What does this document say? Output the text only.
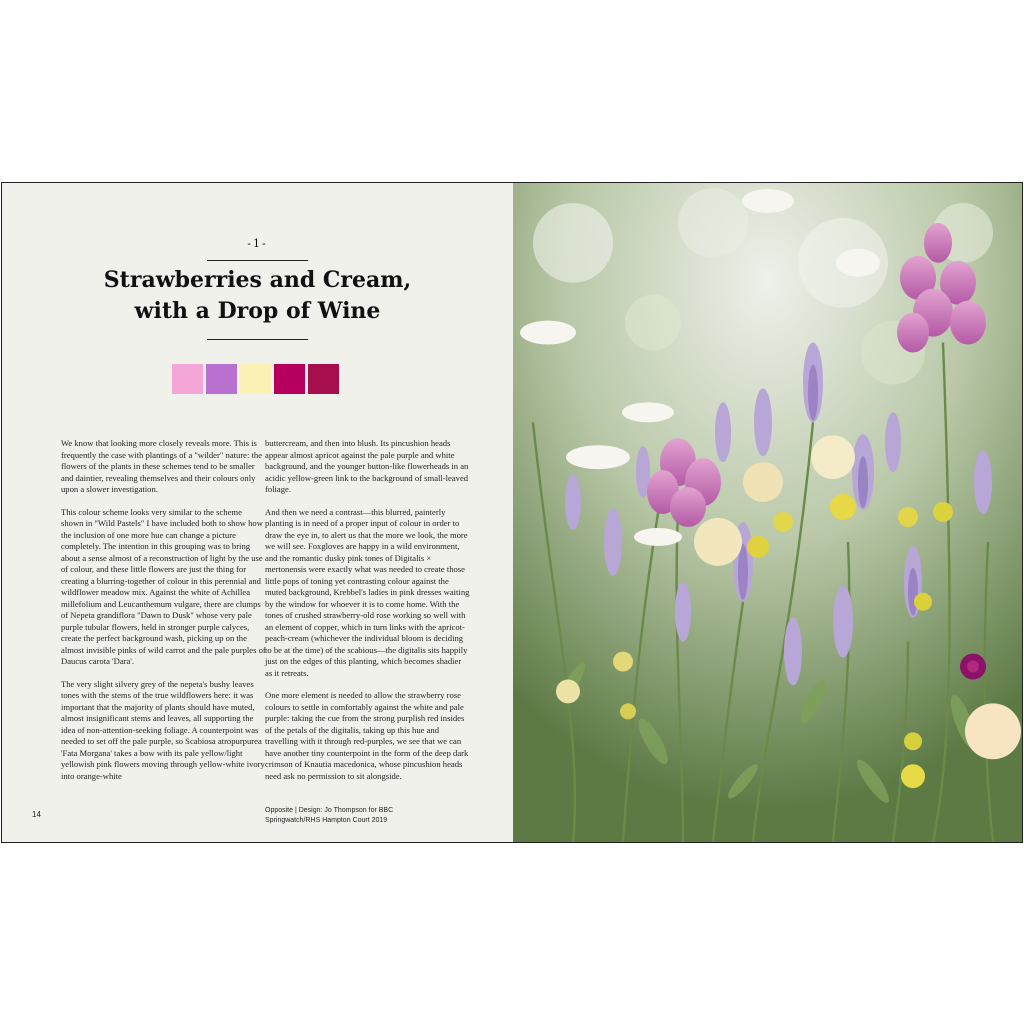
-1-
Strawberries and Cream,
with a Drop of Wine

We know that looking more closely reveals more. This is frequently the case with plantings of a "wilder" nature: the flowers of the plants in these schemes tend to be smaller and daintier, revealing themselves and their colours only upon a slower investigation.

This colour scheme looks very similar to the scheme shown in "Wild Pastels" I have included both to show how the inclusion of one more hue can change a picture completely. The intention in this grouping was to bring about a sense almost of a reconstruction of light by the use of colour, and these little flowers are just the thing for creating a blurring-together of colour in this perennial and wildflower meadow mix. Against the white of Achillea millefolium and Leucanthemum vulgare, there are clumps of Nepeta grandiflora "Dawn to Dusk" whose very pale purple tubular flowers, held in stronger purple calyces, create the perfect background wash, picking up on the almost invisible pinks of wild carrot and the pale purples of Daucus carota 'Dara'.

The very slight silvery grey of the nepeta's bushy leaves tones with the stems of the true wildflowers here: it was important that the majority of plants should have muted, almost insignificant stems and leaves, all supporting the idea of non-attention-seeking foliage. A counterpoint was needed to set off the pale purple, so Scabiosa atropurpurea 'Fata Morgana' takes a bow with its pale yellow/light yellowish pink flowers moving through yellow-white ivory into orange-white

buttercream, and then into blush. Its pincushion heads appear almost apricot against the pale purple and white background, and the younger button-like flowerheads in an acidic yellow-green link to the background of small-leaved foliage.

And then we need a contrast—this blurred, painterly planting is in need of a proper input of colour in order to draw the eye in, to alert us that the more we look, the more we will see. Foxgloves are happy in a wild environment, and the romantic dusky pink tones of Digitalis × mertonensis were exactly what was needed to create those little pops of toning yet contrasting colour against the muted background, Krebbel's ladies in pink dresses waiting by the window for whoever it is to come home. With the tones of crushed strawberry-old rose working so well with an element of copper, which in turn links with the apricot-peach-cream (whichever the individual bloom is deciding to be at the time) of the scabious—the digitalis sits happily just on the edges of this planting, which becomes shadier as it retreats.

One more element is needed to allow the strawberry rose colours to settle in comfortably against the white and pale purple: taking the cue from the strong purplish red insides of the petals of the digitalis, taking up this hue and travelling with it through red-purples, we see that we can have another tiny counterpoint in the form of the deep dark crimson of Knautia macedonica, whose pincushion heads need ask no permission to sit alongside.

14	Opposite | Design: Jo Thompson for BBC
Springwatch/RHS Hampton Court 2019
